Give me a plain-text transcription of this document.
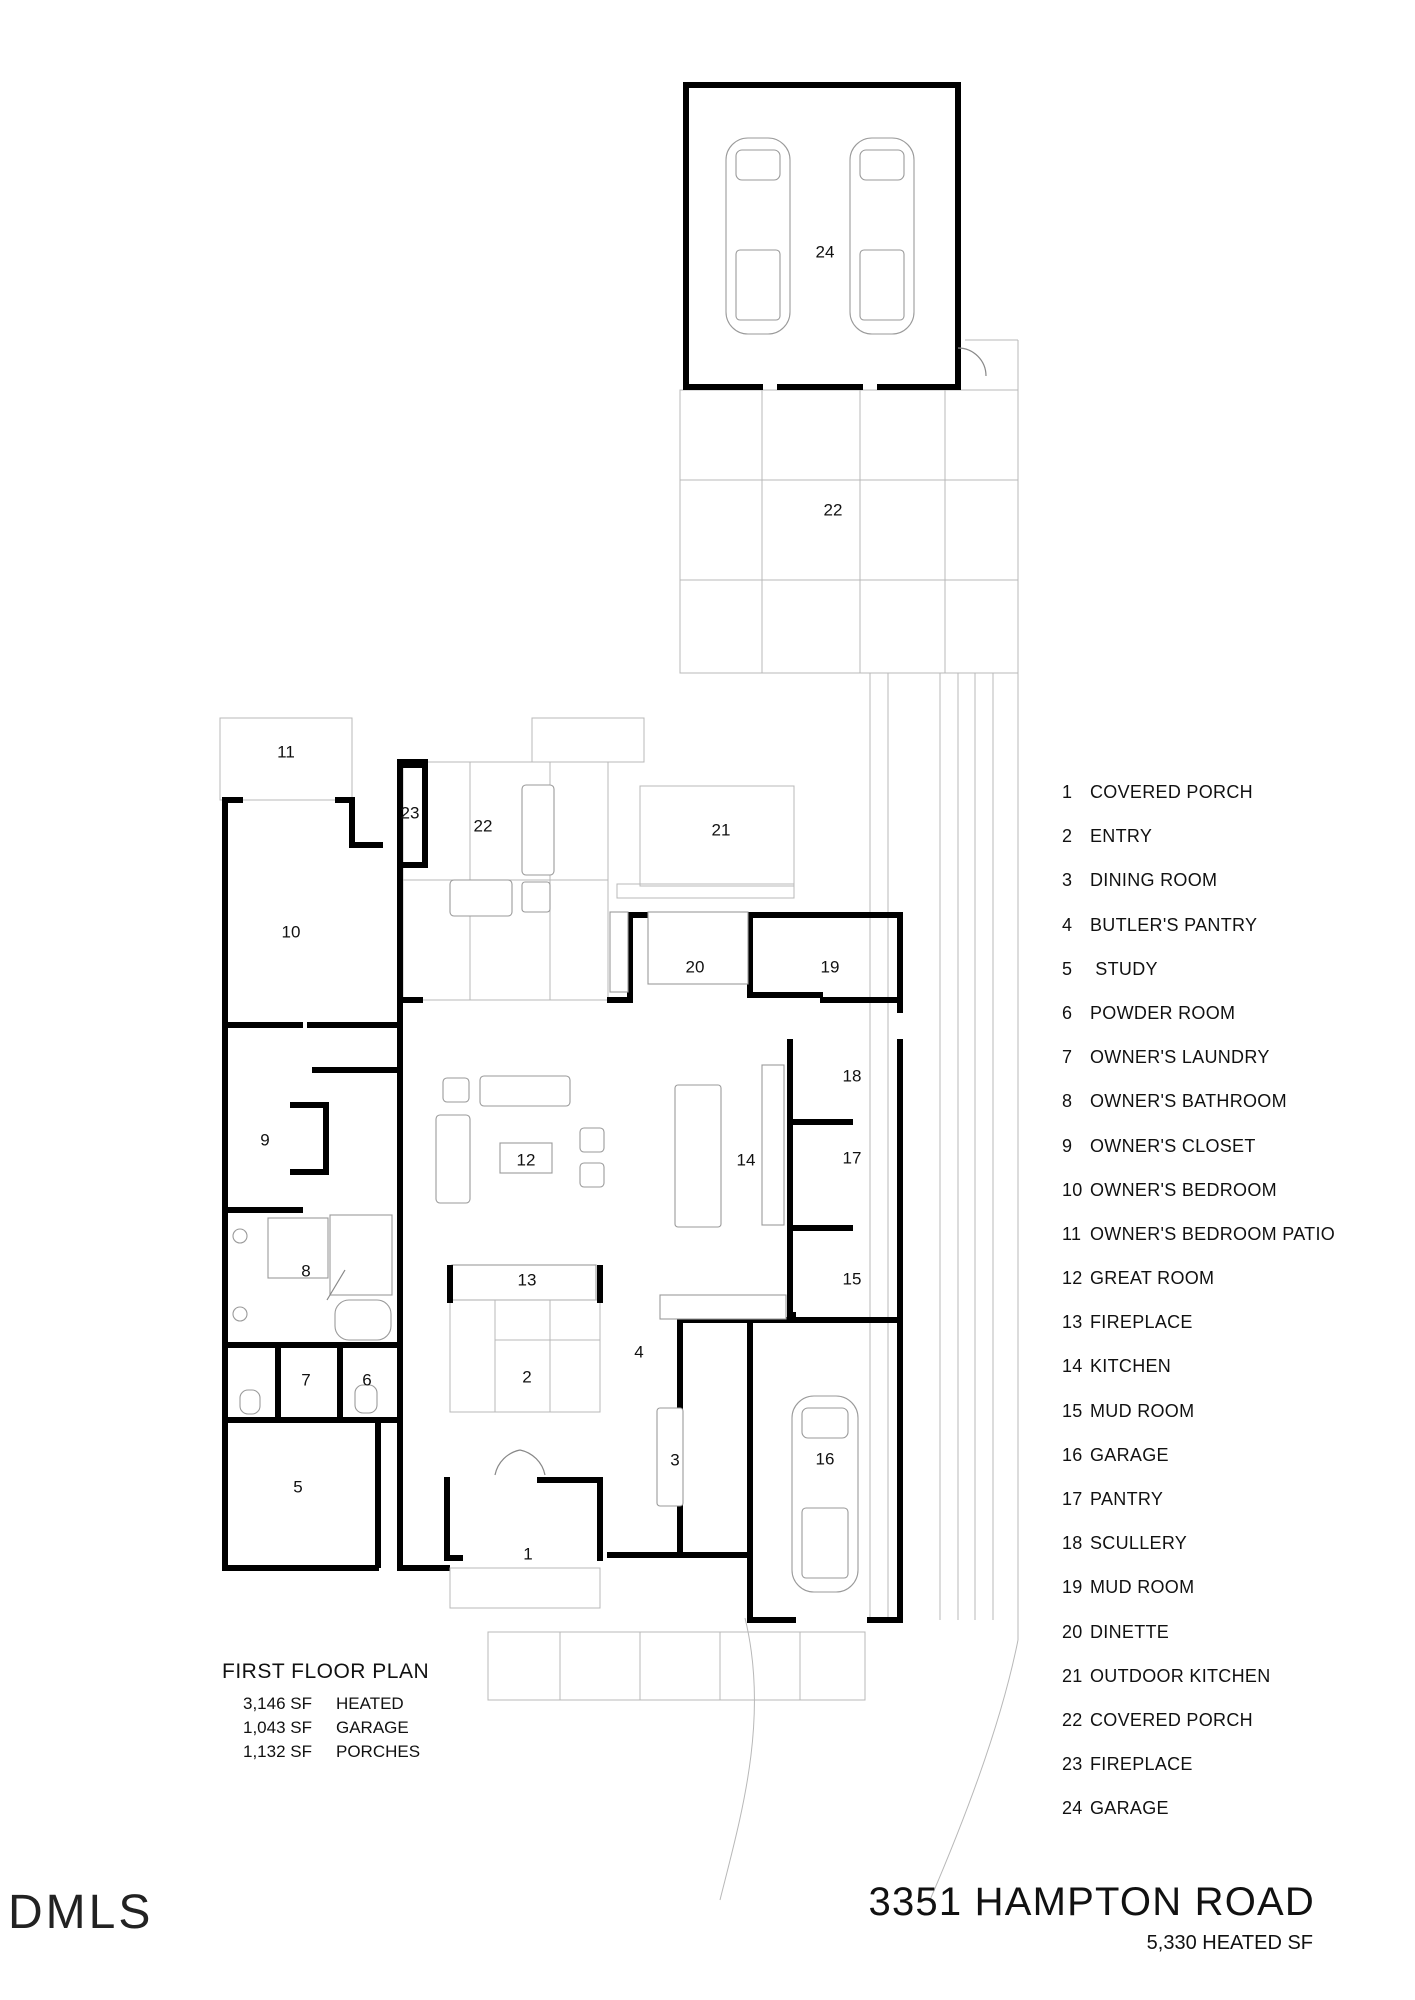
24
22
11
23
22	21
10
20	19
18
9
17
12	14
8	13	15
4
2
7	6
16
3
5
1
1 COVERED PORCH
2 ENTRY
3 DINING ROOM
4 BUTLER'S PANTRY
5 STUDY
6 POWDER ROOM
7 OWNER'S LAUNDRY
8 OWNER'S BATHROOM
9 OWNER'S CLOSET
10 OWNER'S BEDROOM
11 OWNER'S BEDROOM PATIO
12 GREAT ROOM
13 FIREPLACE
14 KITCHEN
15 MUD ROOM
16 GARAGE
17 PANTRY
18 SCULLERY
19 MUD ROOM
20 DINETTE
21 OUTDOOR KITCHEN
22 COVERED PORCH
23 FIREPLACE
24 GARAGE
FIRST FLOOR PLAN
3,146 SF HEATED
1,043 SF GARAGE
1,132 SF PORCHES
3351 HAMPTON ROAD
5,330 HEATED SF
DMLS
